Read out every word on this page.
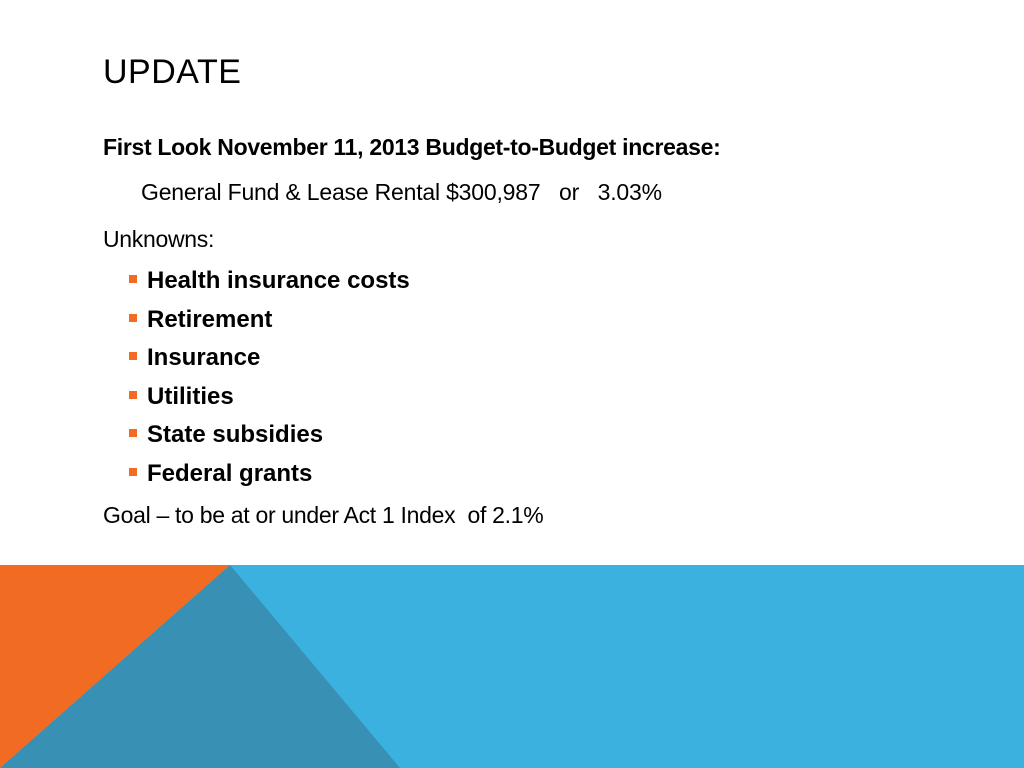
UPDATE

First Look November 11, 2013 Budget-to-Budget increase:

General Fund & Lease Rental $300,987   or   3.03%

Unknowns:

Health insurance costs
Retirement
Insurance
Utilities
State subsidies
Federal grants

Goal – to be at or under Act 1 Index  of 2.1%
